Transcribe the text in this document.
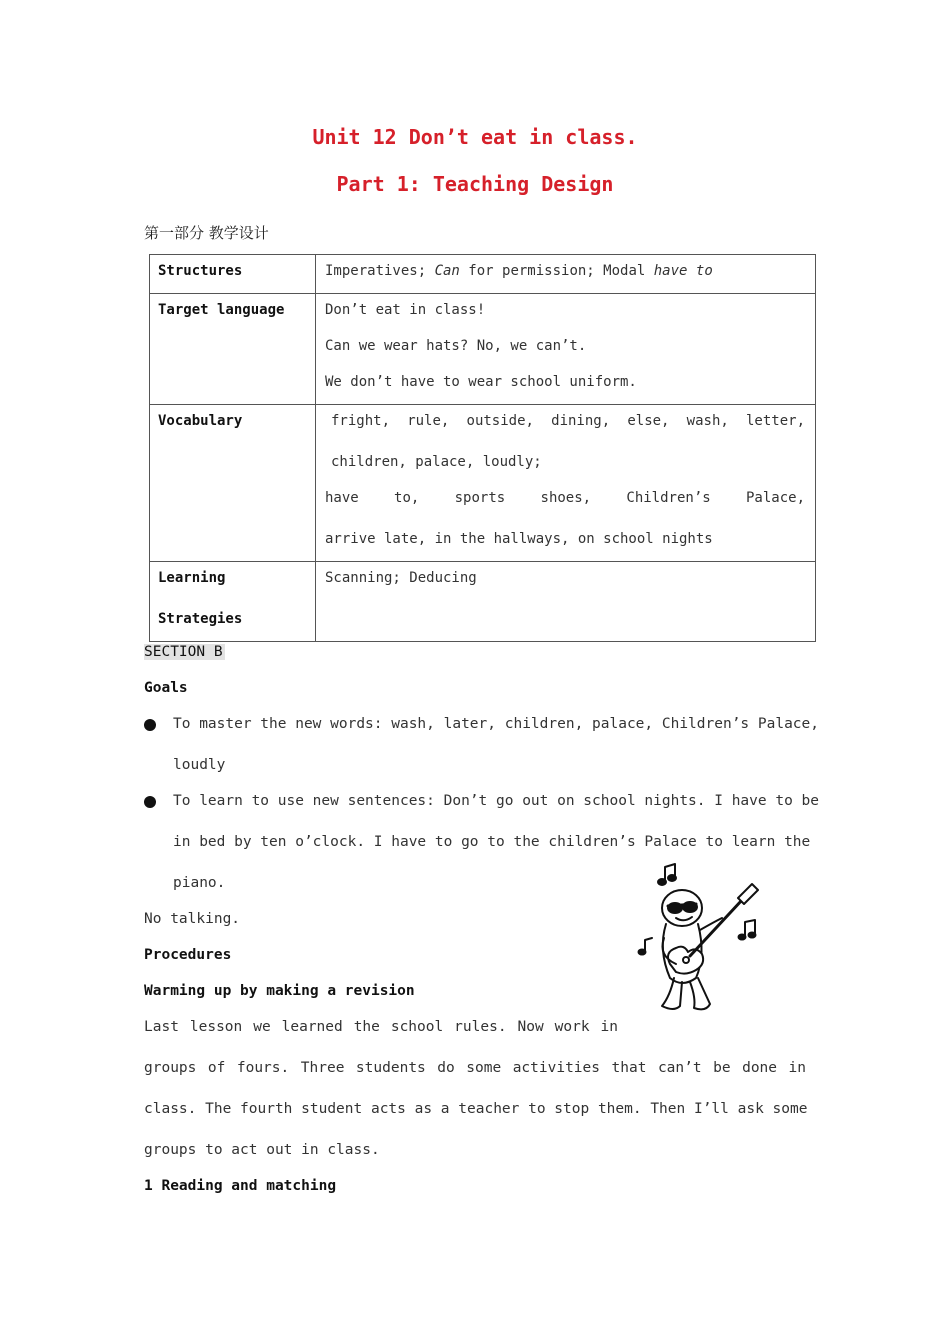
Unit 12 Don’t eat in class.
Part 1: Teaching Design
第一部分 教学设计
Structures	Imperatives; Can for permission; Modal have to

Target language	Don’t eat in class!
Can we wear hats? No, we can’t.
We don’t have to wear school uniform.

Vocabulary	fright, rule, outside, dining, else, wash, letter,
children, palace, loudly;
have to, sports shoes, Children’s Palace,
arrive late, in the hallways, on school nights

Learning
Strategies	Scanning; Deducing
SECTION B
Goals
To master the new words: wash, later, children, palace, Children’s Palace,
loudly
To learn to use new sentences: Don’t go out on school nights. I have to be
in bed by ten o’clock. I have to go to the children’s Palace to learn the
piano.
No talking.
Procedures
Warming up by making a revision
Last lesson we learned the school rules. Now work in
groups of fours. Three students do some activities that can’t be done in
class. The fourth student acts as a teacher to stop them. Then I’ll ask some
groups to act out in class.
1 Reading and matching
